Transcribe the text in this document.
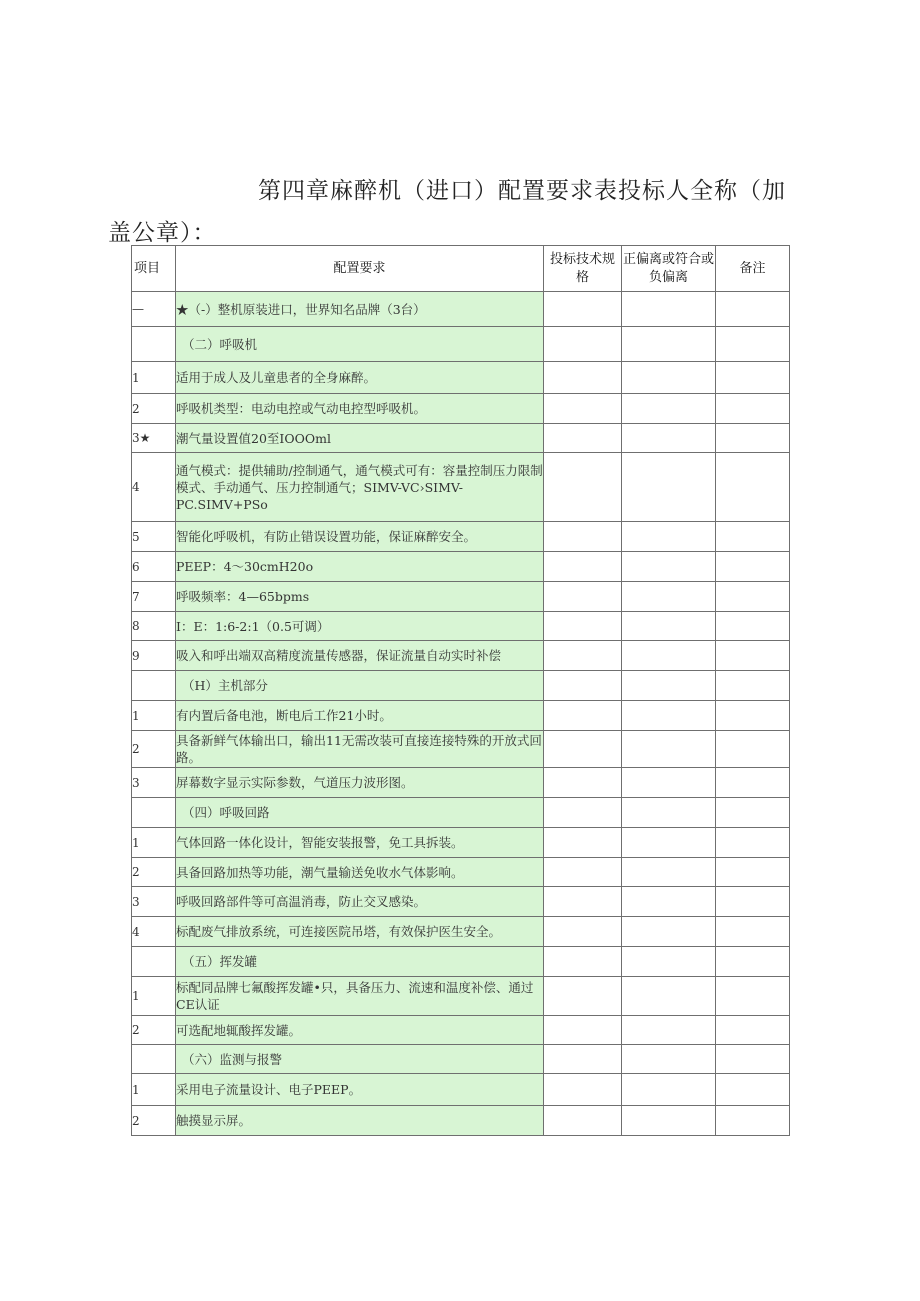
第四章麻醉机（进口）配置要求表投标人全称（加
盖公章）：
项目	配置要求	投标技术规格	正偏离或符合或负偏离	备注
—	★（-）整机原装进口，世界知名品牌（3台）			
	（二）呼吸机			
1	适用于成人及儿童患者的全身麻醉。			
2	呼吸机类型：电动电控或气动电控型呼吸机。			
3★	潮气量设置值20至IOOOml			
4	通气模式：提供辅助/控制通气，通气模式可有：容量控制压力限制模式、手动通气、压力控制通气；SIMV-VC›SIMV-PC.SIMV+PSo			
5	智能化呼吸机，有防止错误设置功能，保证麻醉安全。			
6	PEEP：4～30cmH20o			
7	呼吸频率：4—65bpms			
8	I：E：1:6-2:1（0.5可调）			
9	吸入和呼出端双高精度流量传感器，保证流量自动实时补偿			

	（H）主机部分			
1	有内置后备电池，断电后工作21小时。			
2	具备新鲜气体输出口，输出11无需改装可直接连接特殊的开放式回路。			
3	屏幕数字显示实际参数，气道压力波形图。			
	（四）呼吸回路			
1	气体回路一体化设计，智能安装报警，免工具拆装。			
2	具备回路加热等功能，潮气量输送免收水气体影响。			
3	呼吸回路部件等可高温消毒，防止交叉感染。			
4	标配废气排放系统，可连接医院吊塔，有效保护医生安全。			
	（五）挥发罐			
1	标配同品牌七氟酸挥发罐•只，具备压力、流速和温度补偿、通过CE认证			
2	可选配地辄酸挥发罐。			
	（六）监测与报警			
1	采用电子流量设计、电子PEEP。			
2	触摸显示屏。			
